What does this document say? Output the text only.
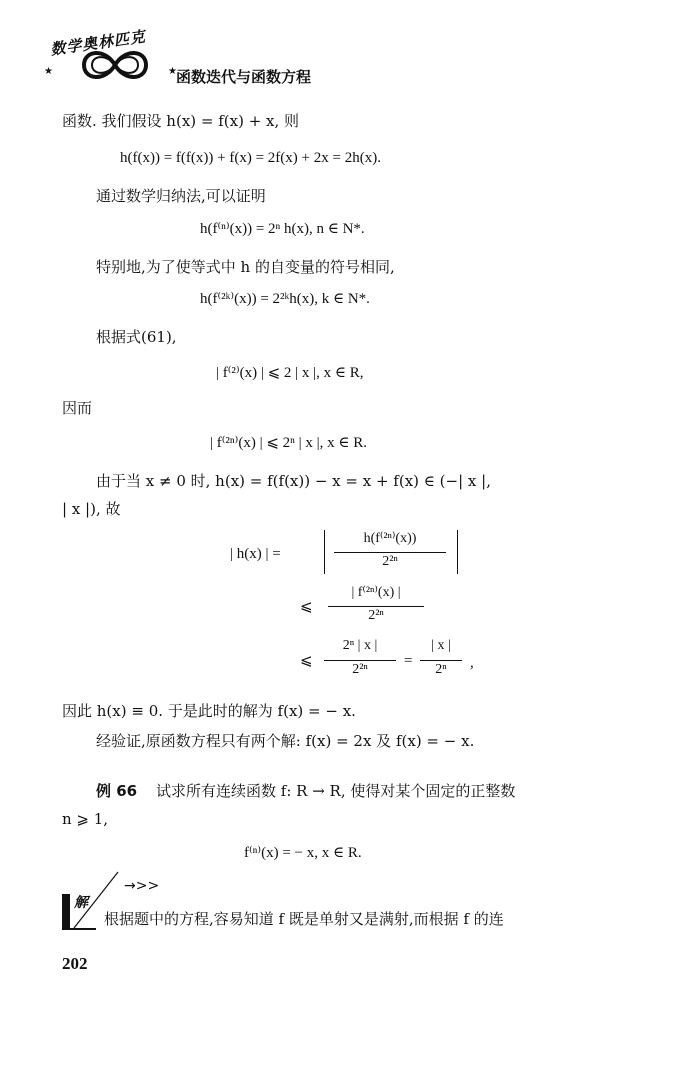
数学奥林匹克
★	★ 函数迭代与函数方程
函数. 我们假设 h(x) = f(x) + x, 则
h(f(x)) = f(f(x)) + f(x) = 2f(x) + 2x = 2h(x).
通过数学归纳法,可以证明
h(f⁽ⁿ⁾(x)) = 2ⁿ h(x), n ∈ N*.
特别地,为了使等式中 h 的自变量的符号相同,
h(f⁽²ᵏ⁾(x)) = 2²ᵏh(x), k ∈ N*.
根据式(61),
| f⁽²⁾(x) | ⩽ 2 | x |, x ∈ R,
因而
| f⁽²ⁿ⁾(x) | ⩽ 2ⁿ | x |, x ∈ R.
由于当 x ≠ 0 时, h(x) = f(f(x)) − x = x + f(x) ∈ (−| x |,
| x |), 故
| h(x) | =
h(f⁽²ⁿ⁾(x))
2²ⁿ
⩽
| f⁽²ⁿ⁾(x) |
2²ⁿ
⩽
2ⁿ | x |
2²ⁿ
=
| x |
2ⁿ	,
因此 h(x) ≡ 0. 于是此时的解为 f(x) = − x.
经验证,原函数方程只有两个解: f(x) = 2x 及 f(x) = − x.
例 66 试求所有连续函数 f: R → R, 使得对某个固定的正整数
n ⩾ 1,
f⁽ⁿ⁾(x) = − x, x ∈ R.
解
→>>
根据题中的方程,容易知道 f 既是单射又是满射,而根据 f 的连
202
